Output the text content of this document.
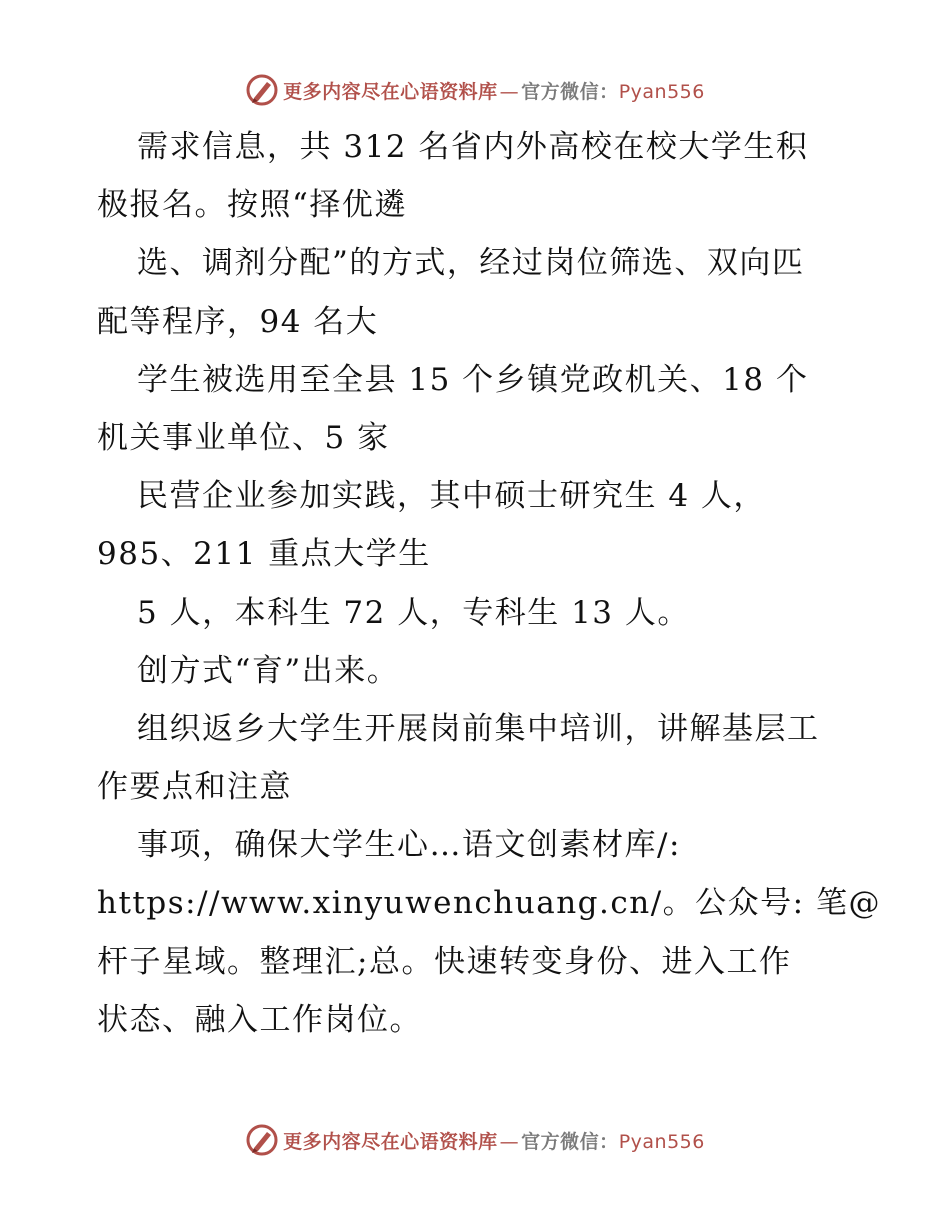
更多内容尽在心语资料库 — 官方微信：Pyan556
需求信息，共 312 名省内外高校在校大学生积
极报名。按照“择优遴
选、调剂分配”的方式，经过岗位筛选、双向匹
配等程序，94 名大
学生被选用至全县 15 个乡镇党政机关、18 个
机关事业单位、5 家
民营企业参加实践，其中硕士研究生 4 人，
985、211 重点大学生
5 人，本科生 72 人，专科生 13 人。
创方式“育”出来。
组织返乡大学生开展岗前集中培训，讲解基层工
作要点和注意
事项，确保大学生心…语文创素材库/:
https://www.xinyuwenchuang.cn/。公众号: 笔@
杆子星域。整理汇;总。快速转变身份、进入工作
状态、融入工作岗位。
更多内容尽在心语资料库 — 官方微信：Pyan556
